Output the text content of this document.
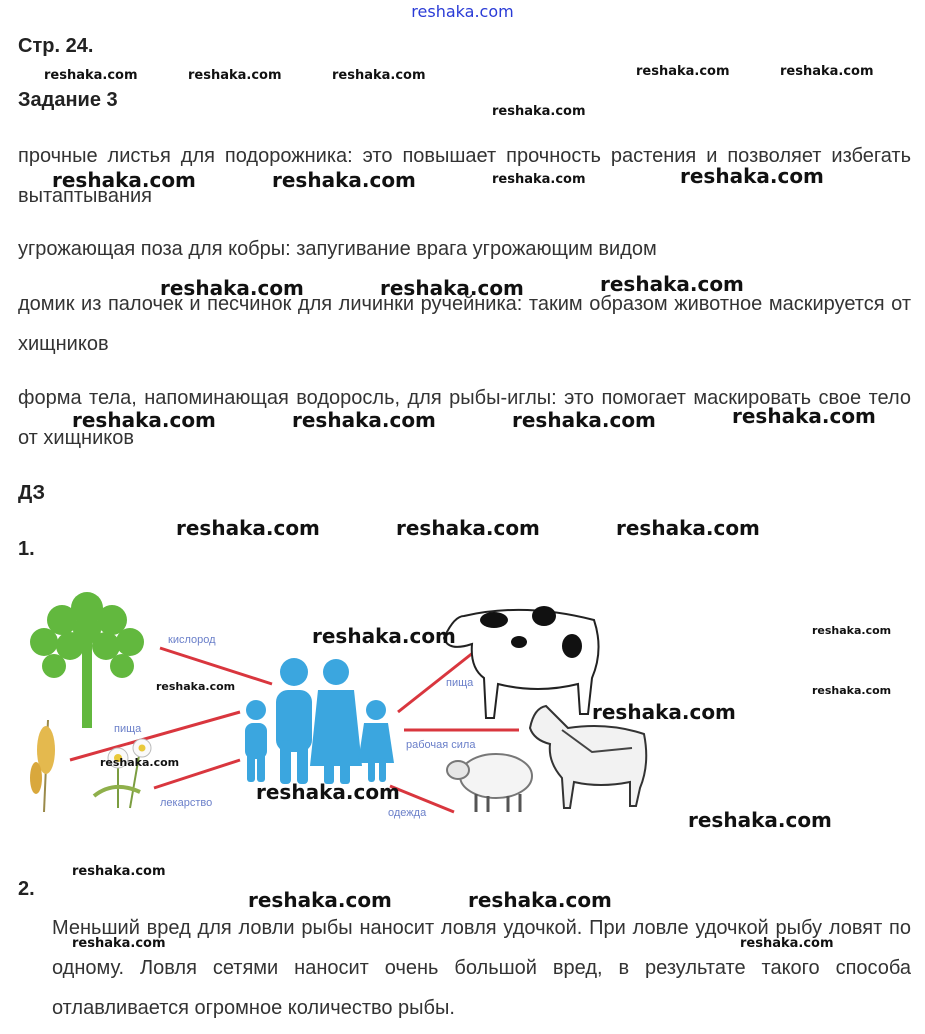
reshaka.com
Стр. 24.
Задание 3
прочные листья для подорожника: это повышает прочность растения и позволяет избегать вытаптывания
угрожающая поза для кобры: запугивание врага угрожающим видом
домик из палочек и песчинок для личинки ручейника: таким образом животное маскируется от хищников
форма тела, напоминающая водоросль, для рыбы-иглы: это помогает маскировать свое тело от хищников
ДЗ
1.
кислород
пища
лекарство
пища
рабочая сила
одежда
2.
Меньший вред для ловли рыбы наносит ловля удочкой. При ловле удочкой рыбу ловят по одному. Ловля сетями наносит очень большой вред, в результате такого способа отлавливается огромное количество рыбы.
reshaka.com	reshaka.com	reshaka.com	reshaka.com	reshaka.com
reshaka.com
reshaka.com
reshaka.com
reshaka.com
reshaka.com
reshaka.com
reshaka.com
reshaka.com	reshaka.com
reshaka.com	reshaka.com	reshaka.com
reshaka.com	reshaka.com	reshaka.com
reshaka.com	reshaka.com	reshaka.com	reshaka.com
reshaka.com	reshaka.com	reshaka.com
reshaka.com
reshaka.com
reshaka.com
reshaka.com
reshaka.com	reshaka.com
